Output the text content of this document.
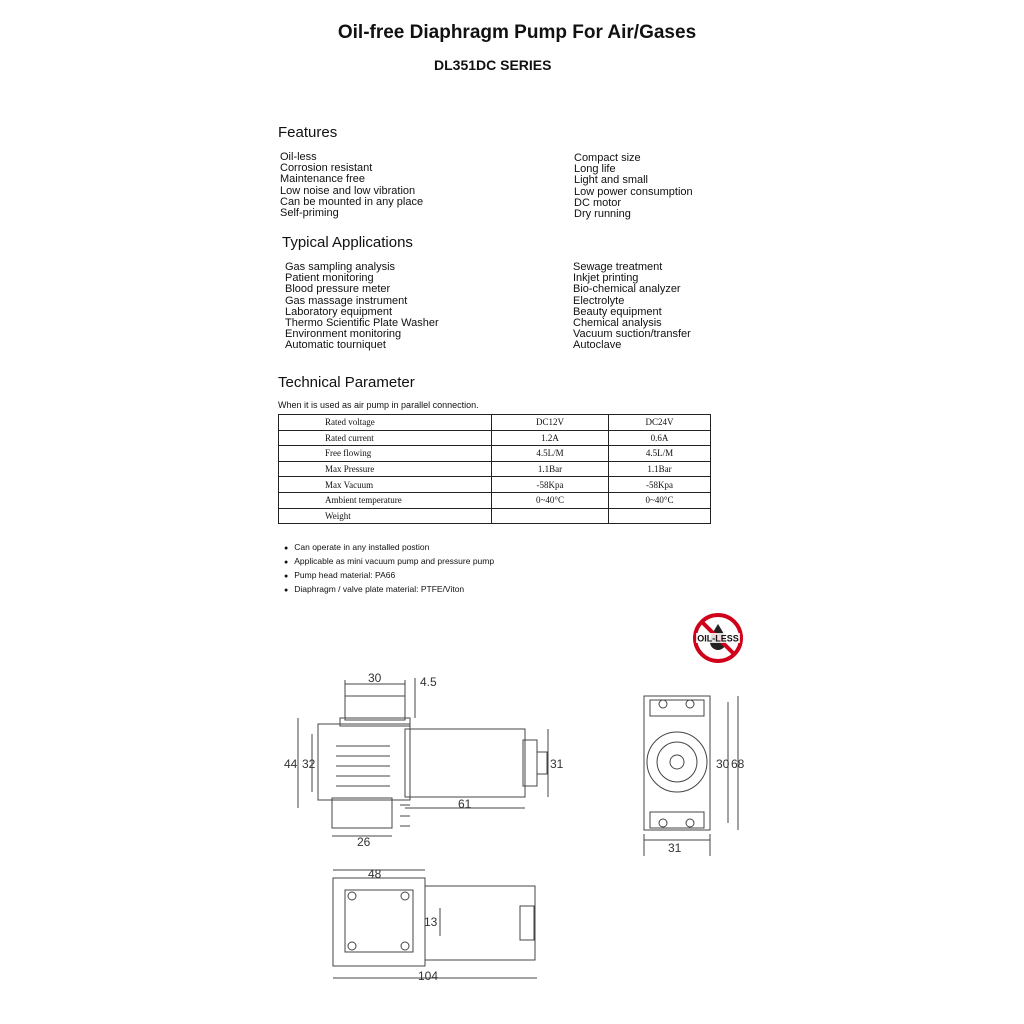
Oil-free Diaphragm Pump For Air/Gases
DL351DC SERIES
Features
Oil-less
Corrosion resistant
Maintenance free
Low noise and low vibration
Can be mounted in any place
Self-priming
Compact size
Long life
Light and small
Low power consumption
DC motor
Dry running
Typical Applications
Gas sampling analysis
Patient monitoring
Blood pressure meter
Gas massage instrument
Laboratory equipment
Thermo Scientific Plate Washer
Environment monitoring
Automatic tourniquet
Sewage treatment
Inkjet printing
Bio-chemical analyzer
Electrolyte
Beauty equipment
Chemical analysis
Vacuum suction/transfer
Autoclave
Technical Parameter
When it is used as air pump in parallel connection.
Rated voltage	DC12V	DC24V
Rated current	1.2A	0.6A
Free flowing	4.5L/M	4.5L/M
Max Pressure	1.1Bar	1.1Bar
Max Vacuum	-58Kpa	-58Kpa
Ambient temperature	0~40°C	0~40°C
Weight		
● Can operate in any installed postion
● Applicable as mini vacuum pump and pressure pump
● Pump head material: PA66
● Diaphragm / valve plate material: PTFE/Viton
OIL-LESS
30	4.5
44 32	31
61
26
30 68
31
48
13
104
